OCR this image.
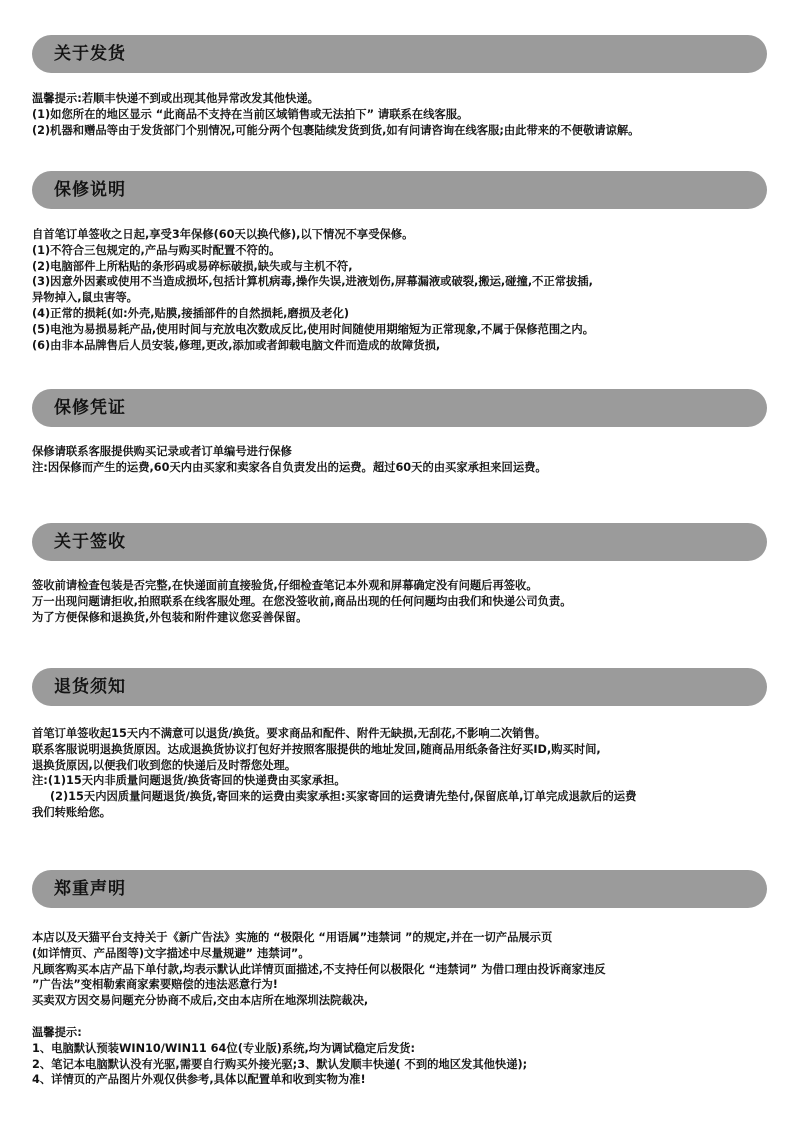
关于发货
温馨提示:若顺丰快递不到或出现其他异常改发其他快递。
(1)如您所在的地区显示 “此商品不支持在当前区域销售或无法拍下” 请联系在线客服。
(2)机器和赠品等由于发货部门个别情况,可能分两个包裹陆续发货到货,如有问请咨询在线客服;由此带来的不便敬请谅解。
保修说明
自首笔订单签收之日起,享受3年保修(60天以换代修),以下情况不享受保修。
(1)不符合三包规定的,产品与购买时配置不符的。
(2)电脑部件上所粘贴的条形码或易碎标破损,缺失或与主机不符,
(3)因意外因素或使用不当造成损坏,包括计算机病毒,操作失误,进液划伤,屏幕漏液或破裂,搬运,碰撞,不正常拔插,
异物掉入,鼠虫害等。
(4)正常的损耗(如:外壳,贴膜,接插部件的自然损耗,磨损及老化)
(5)电池为易损易耗产品,使用时间与充放电次数成反比,使用时间随使用期缩短为正常现象,不属于保修范围之内。
(6)由非本品牌售后人员安装,修理,更改,添加或者卸载电脑文件而造成的故障货损,
保修凭证
保修请联系客服提供购买记录或者订单编号进行保修
注:因保修而产生的运费,60天内由买家和卖家各自负责发出的运费。超过60天的由买家承担来回运费。
关于签收
签收前请检查包装是否完整,在快递面前直接验货,仔细检查笔记本外观和屏幕确定没有问题后再签收。
万一出现问题请拒收,拍照联系在线客服处理。在您没签收前,商品出现的任何问题均由我们和快递公司负责。
为了方便保修和退换货,外包装和附件建议您妥善保留。
退货须知
首笔订单签收起15天内不满意可以退货/换货。要求商品和配件、附件无缺损,无刮花,不影响二次销售。
联系客服说明退换货原因。达成退换货协议打包好并按照客服提供的地址发回,随商品用纸条备注好买ID,购买时间,
退换货原因,以便我们收到您的快递后及时帮您处理。
注:(1)15天内非质量问题退货/换货寄回的快递费由买家承担。
(2)15天内因质量问题退货/换货,寄回来的运费由卖家承担:买家寄回的运费请先垫付,保留底单,订单完成退款后的运费
我们转账给您。
郑重声明
本店以及天猫平台支持关于《新广告法》实施的 “极限化 “用语属”违禁词 ”的规定,并在一切产品展示页
(如详情页、产品图等)文字描述中尽量规避” 违禁词”。
凡顾客购买本店产品下单付款,均表示默认此详情页面描述,不支持任何以极限化 “违禁词” 为借口理由投诉商家违反
”广告法”变相勒索商家索要赔偿的违法恶意行为!
买卖双方因交易问题充分协商不成后,交由本店所在地深圳法院裁决,
温馨提示:
1、电脑默认预装WIN10/WIN11 64位(专业版)系统,均为调试稳定后发货:
2、笔记本电脑默认没有光驱,需要自行购买外接光驱;3、默认发顺丰快递( 不到的地区发其他快递);
4、详情页的产品图片外观仅供参考,具体以配置单和收到实物为准!
